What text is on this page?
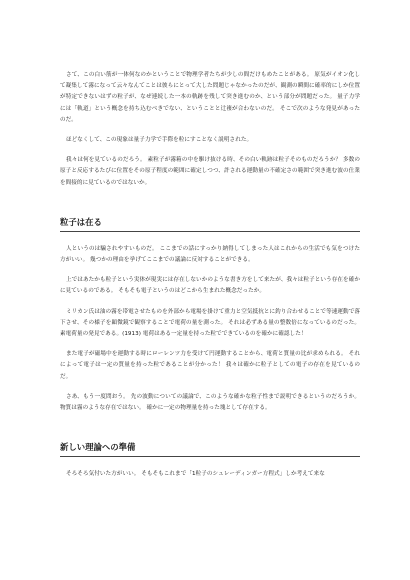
さて、この白い筋が一体何なのかということで物理学者たちが少しの間だけもめたことがある。 原気がイオン化して凝集して霧になって云々なんてことは彼らにとって大した問題じゃなかったのだが、観測の瞬間に確率的にしか位置が特定できないはずの粒子が、なぜ連続した一本の軌跡を残して突き進むのか、という部分が問題だった。 量子力学には「軌道」という概念を持ち込むべきでない、ということと辻褄が合わないのだ。 そこで次のような発見があったのだ。

ほどなくして、この現象は量子力学で手際を粒にすことなく説明された。

我々は何を見ているのだろう。 素粒子が霧箱の中を駆け抜ける時、その白い軌跡は粒子そのものだろうか？ 多数の原子と反応するたびに位置をその原子程度の範囲に確定しつつ、許される運動量の不確定さの範囲で突き進む波の仕業を間接的に見ているのではないか。

粒子は在る

人というのは騙されやすいものだ。 ここまでの話にすっかり納得してしまった人はこれからの生活でも気をつけた方がいい。 幾つかの理由を挙げてここまでの議論に反対することができる。

上ではあたかも粒子という実体が現実には存在しないかのような書き方をして来たが、我々は粒子という存在を確かに見ているのである。 そもそも電子というのはどこから生まれた概念だったか。

ミリカン氏は油の霧を帯電させたものを外部から電場を掛けて重力と空気抵抗とに釣り合わせることで等速運動で落下させ、その様子を顕微鏡で観察することで電荷の量を測った。 それは必ずある量の整数倍になっているのだった。 素電荷量の発見である。(1913) 電荷はある一定量を持った粒でできているのを確かに確認した！

また電子が磁場中を運動する時にローレンツ力を受けて円運動することから、電荷と質量の比が求められる。 それによって電子は一定の質量を持った粒であることが分かった！ 我々は確かに粒子としての電子の存在を見ているのだ。

さあ、もう一度問おう。 先の波動についての議論で、このような確かな粒子性まで説明できるというのだろうか。 物質は霧のような存在ではない。 確かに一定の物理量を持った塊として存在する。

新しい理論への準備

そろそろ気付いた方がいい。 そもそもこれまで「1粒子のシュレーディンガー方程式」しか考えて来な
